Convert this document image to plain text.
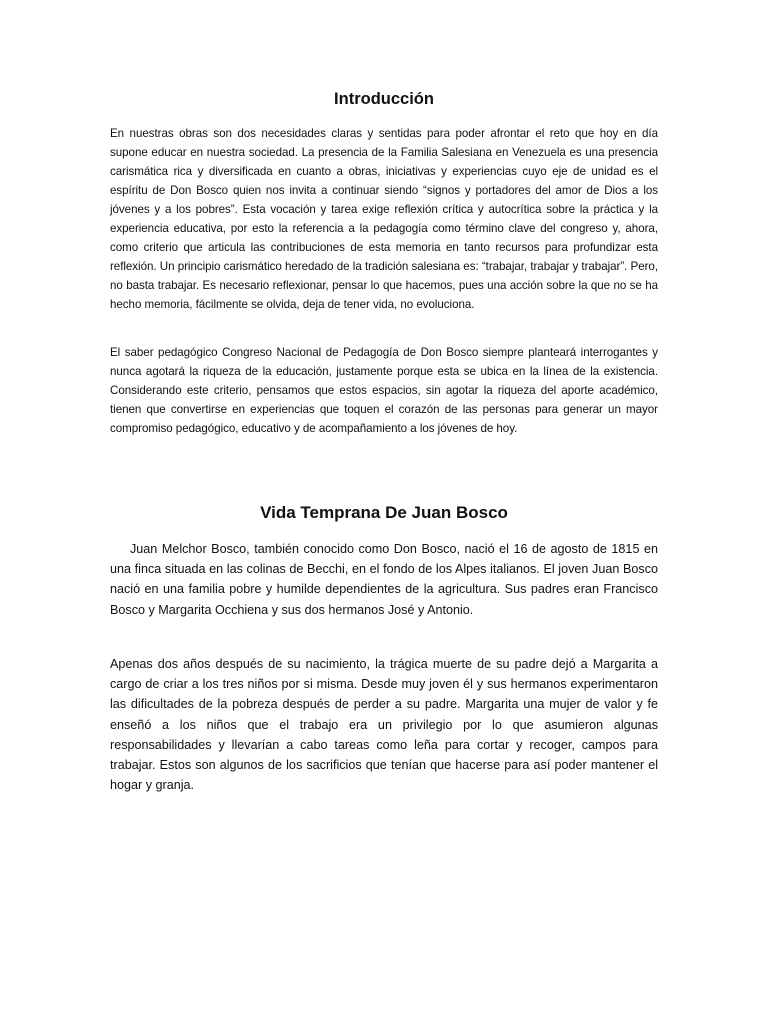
Introducción

En nuestras obras son dos necesidades claras y sentidas para poder afrontar el reto que hoy en día supone educar en nuestra sociedad. La presencia de la Familia Salesiana en Venezuela es una presencia carismática rica y diversificada en cuanto a obras, iniciativas y experiencias cuyo eje de unidad es el espíritu de Don Bosco quien nos invita a continuar siendo “signos y portadores del amor de Dios a los jóvenes y a los pobres”. Esta vocación y tarea exige reflexión crítica y autocrítica sobre la práctica y la experiencia educativa, por esto la referencia a la pedagogía como término clave del congreso y, ahora, como criterio que articula las contribuciones de esta memoria en tanto recursos para profundizar esta reflexión. Un principio carismático heredado de la tradición salesiana es: “trabajar, trabajar y trabajar”. Pero, no basta trabajar. Es necesario reflexionar, pensar lo que hacemos, pues una acción sobre la que no se ha hecho memoria, fácilmente se olvida, deja de tener vida, no evoluciona.

El saber pedagógico Congreso Nacional de Pedagogía de Don Bosco siempre planteará interrogantes y nunca agotará la riqueza de la educación, justamente porque esta se ubica en la línea de la existencia. Considerando este criterio, pensamos que estos espacios, sin agotar la riqueza del aporte académico, tienen que convertirse en experiencias que toquen el corazón de las personas para generar un mayor compromiso pedagógico, educativo y de acompañamiento a los jóvenes de hoy.

Vida Temprana De Juan Bosco

Juan Melchor Bosco, también conocido como Don Bosco, nació el 16 de agosto de 1815 en una finca situada en las colinas de Becchi, en el fondo de los Alpes italianos. El joven Juan Bosco nació en una familia pobre y humilde dependientes de la agricultura. Sus padres eran Francisco Bosco y Margarita Occhiena y sus dos hermanos José y Antonio.

Apenas dos años después de su nacimiento, la trágica muerte de su padre dejó a Margarita a cargo de criar a los tres niños por si misma. Desde muy joven él y sus hermanos experimentaron las dificultades de la pobreza después de perder a su padre. Margarita una mujer de valor y fe enseñó a los niños que el trabajo era un privilegio por lo que asumieron algunas responsabilidades y llevarían a cabo tareas como leña para cortar y recoger, campos para trabajar. Estos son algunos de los sacrificios que tenían que hacerse para así poder mantener el hogar y granja.
